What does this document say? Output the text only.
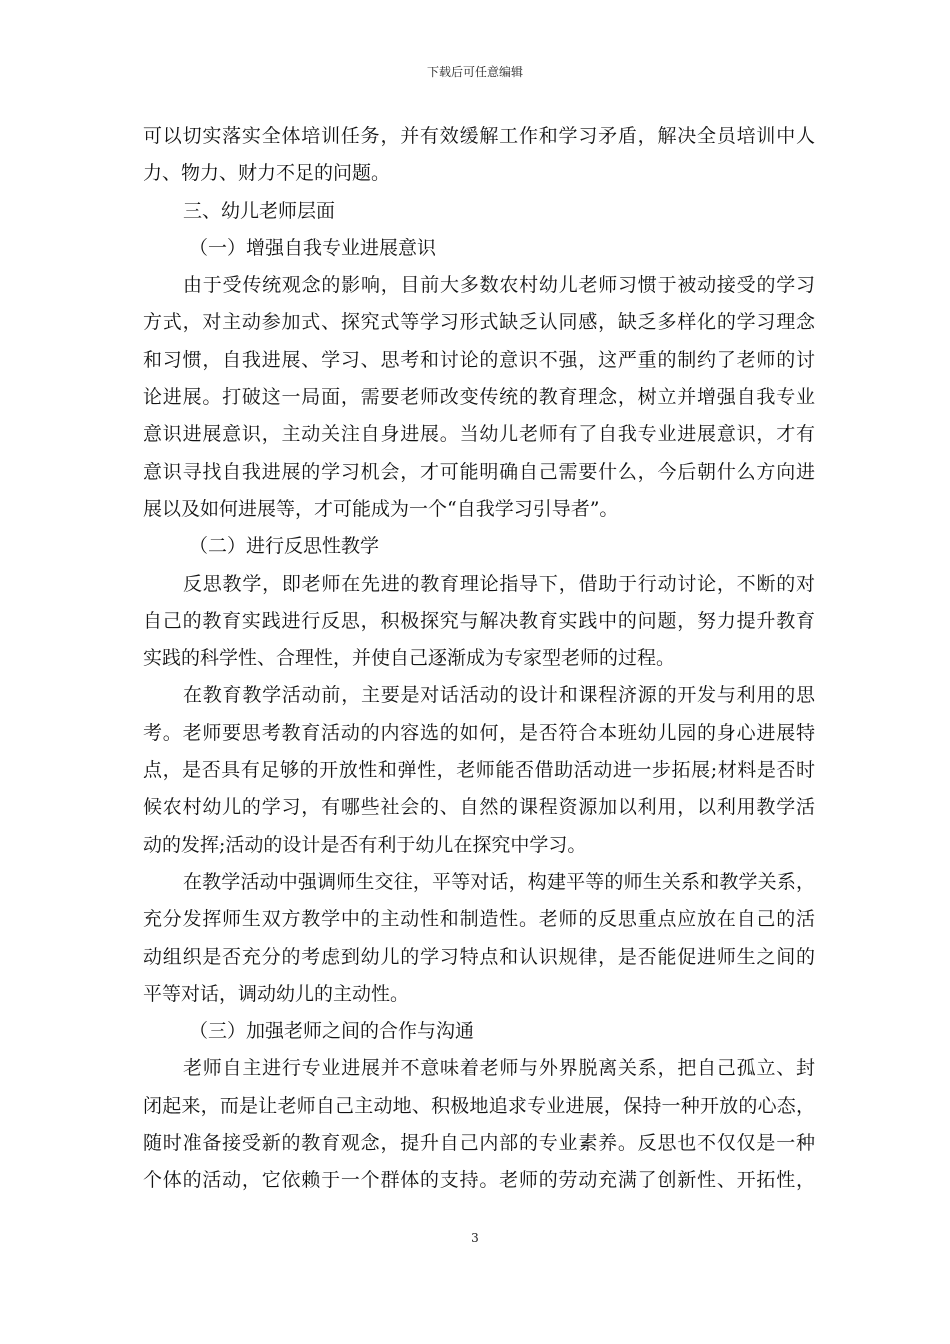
下载后可任意编辑
可以切实落实全体培训任务，并有效缓解工作和学习矛盾，解决全员培训中人
力、物力、财力不足的问题。
三、幼儿老师层面
（一）增强自我专业进展意识
由于受传统观念的影响，目前大多数农村幼儿老师习惯于被动接受的学习
方式，对主动参加式、探究式等学习形式缺乏认同感，缺乏多样化的学习理念
和习惯，自我进展、学习、思考和讨论的意识不强，这严重的制约了老师的讨
论进展。打破这一局面，需要老师改变传统的教育理念，树立并增强自我专业
意识进展意识，主动关注自身进展。当幼儿老师有了自我专业进展意识，才有
意识寻找自我进展的学习机会，才可能明确自己需要什么，今后朝什么方向进
展以及如何进展等，才可能成为一个“自我学习引导者”。
（二）进行反思性教学
反思教学，即老师在先进的教育理论指导下，借助于行动讨论，不断的对
自己的教育实践进行反思，积极探究与解决教育实践中的问题，努力提升教育
实践的科学性、合理性，并使自己逐渐成为专家型老师的过程。
在教育教学活动前，主要是对话活动的设计和课程济源的开发与利用的思
考。老师要思考教育活动的内容选的如何，是否符合本班幼儿园的身心进展特
点，是否具有足够的开放性和弹性，老师能否借助活动进一步拓展;材料是否时
候农村幼儿的学习，有哪些社会的、自然的课程资源加以利用，以利用教学活
动的发挥;活动的设计是否有利于幼儿在探究中学习。
在教学活动中强调师生交往，平等对话，构建平等的师生关系和教学关系，
充分发挥师生双方教学中的主动性和制造性。老师的反思重点应放在自己的活
动组织是否充分的考虑到幼儿的学习特点和认识规律，是否能促进师生之间的
平等对话，调动幼儿的主动性。
（三）加强老师之间的合作与沟通
老师自主进行专业进展并不意味着老师与外界脱离关系，把自己孤立、封
闭起来，而是让老师自己主动地、积极地追求专业进展，保持一种开放的心态，
随时准备接受新的教育观念，提升自己内部的专业素养。反思也不仅仅是一种
个体的活动，它依赖于一个群体的支持。老师的劳动充满了创新性、开拓性，
3
